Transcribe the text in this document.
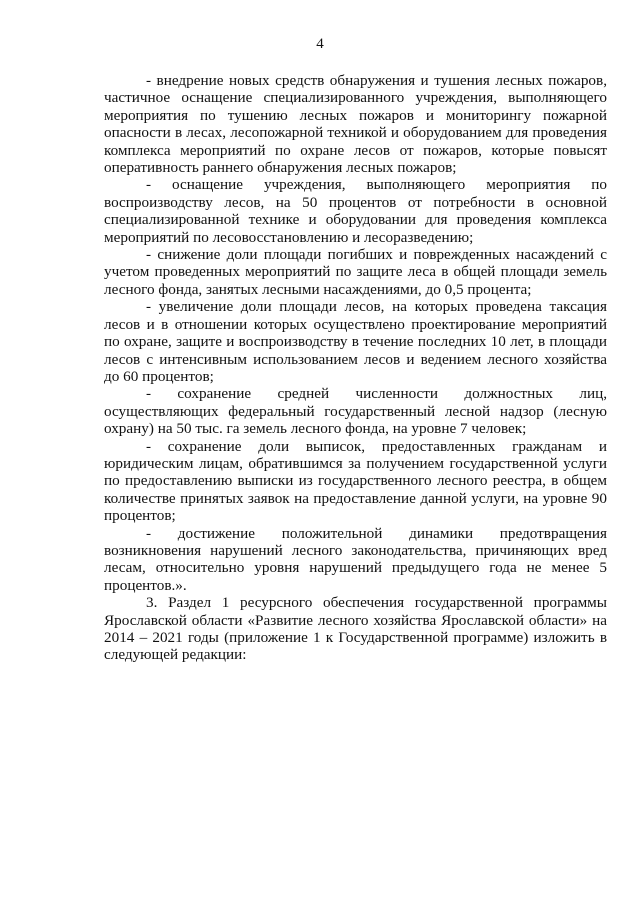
4

- внедрение новых средств обнаружения и тушения лесных пожаров, частичное оснащение специализированного учреждения, выполняющего мероприятия по тушению лесных пожаров и мониторингу пожарной опасности в лесах, лесопожарной техникой и оборудованием для проведения комплекса мероприятий по охране лесов от пожаров, которые повысят оперативность раннего обнаружения лесных пожаров;

- оснащение учреждения, выполняющего мероприятия по воспроизводству лесов, на 50 процентов от потребности в основной специализированной технике и оборудовании для проведения комплекса мероприятий по лесовосстановлению и лесоразведению;

- снижение доли площади погибших и поврежденных насаждений с учетом проведенных мероприятий по защите леса в общей площади земель лесного фонда, занятых лесными насаждениями, до 0,5 процента;

- увеличение доли площади лесов, на которых проведена таксация лесов и в отношении которых осуществлено проектирование мероприятий по охране, защите и воспроизводству в течение последних 10 лет, в площади лесов с интенсивным использованием лесов и ведением лесного хозяйства до 60 процентов;

- сохранение средней численности должностных лиц, осуществляющих федеральный государственный лесной надзор (лесную охрану) на 50 тыс. га земель лесного фонда, на уровне 7 человек;

- сохранение доли выписок, предоставленных гражданам и юридическим лицам, обратившимся за получением государственной услуги по предоставлению выписки из государственного лесного реестра, в общем количестве принятых заявок на предоставление данной услуги, на уровне 90 процентов;

- достижение положительной динамики предотвращения возникновения нарушений лесного законодательства, причиняющих вред лесам, относительно уровня нарушений предыдущего года не менее 5 процентов.».

3. Раздел 1 ресурсного обеспечения государственной программы Ярославской области «Развитие лесного хозяйства Ярославской области» на 2014 – 2021 годы (приложение 1 к Государственной программе) изложить в следующей редакции:
